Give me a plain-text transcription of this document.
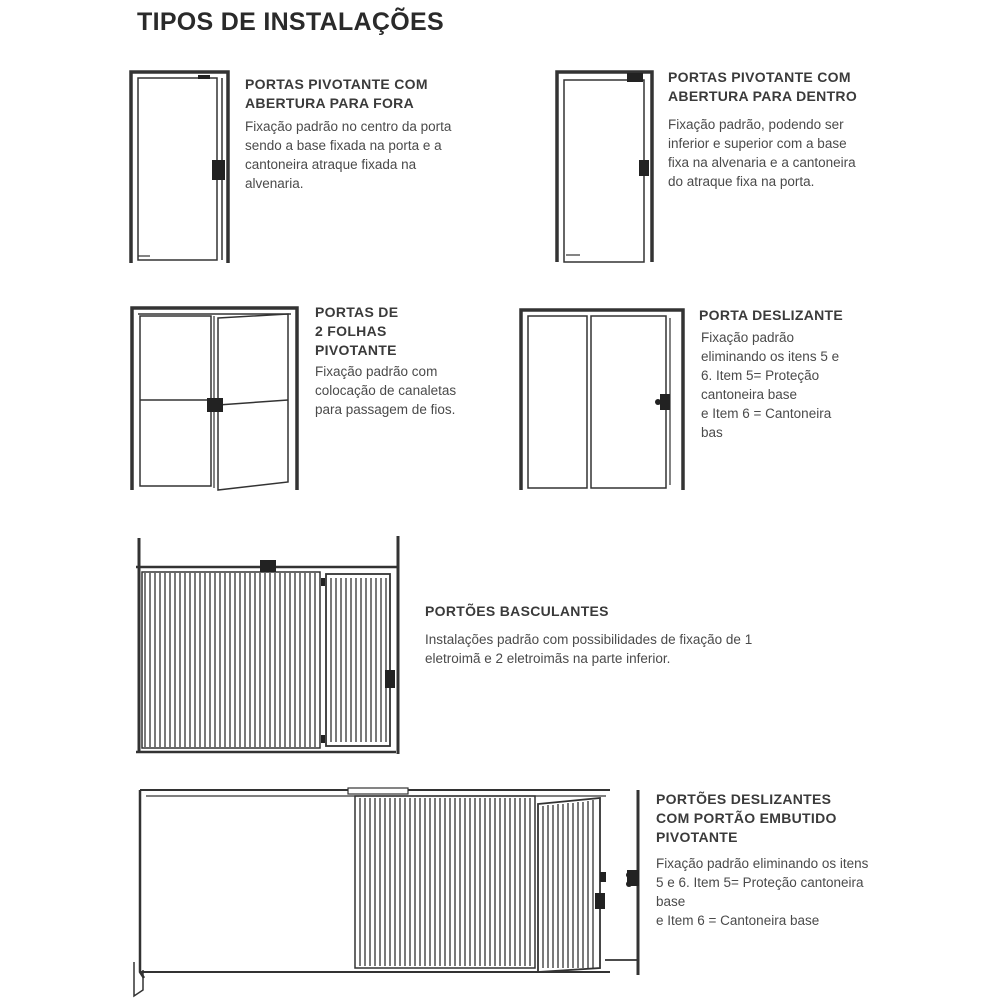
TIPOS DE INSTALAÇÕES
PORTAS PIVOTANTE COM
ABERTURA PARA FORA
Fixação padrão no centro da porta
sendo a base fixada na porta e a
cantoneira atraque fixada na
alvenaria.
PORTAS PIVOTANTE COM
ABERTURA PARA DENTRO
Fixação padrão, podendo ser
inferior e superior com a base
fixa na alvenaria e a cantoneira
do atraque fixa na porta.
PORTAS DE
2 FOLHAS
PIVOTANTE
Fixação padrão com
colocação de canaletas
para passagem de fios.
PORTA DESLIZANTE
Fixação padrão
eliminando os itens 5 e
6. Item 5= Proteção
cantoneira base
e Item 6 = Cantoneira
bas
PORTÕES BASCULANTES
Instalações padrão com possibilidades de fixação de 1
eletroimã e 2 eletroimãs na parte inferior.
PORTÕES DESLIZANTES
COM PORTÃO EMBUTIDO
PIVOTANTE
Fixação padrão eliminando os itens
5 e 6. Item 5= Proteção cantoneira
base
e Item 6 = Cantoneira base
